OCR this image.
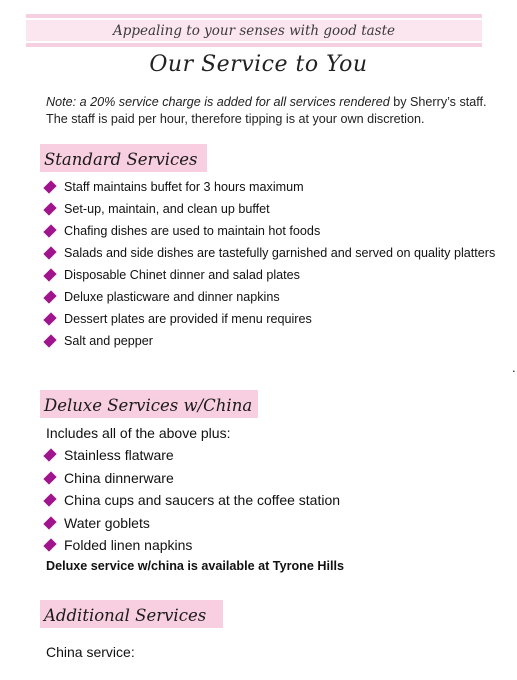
Appealing to your senses with good taste
Our Service to You
Note: a 20% service charge is added for all services rendered by Sherry’s staff. The staff is paid per hour, therefore tipping is at your own discretion.
Standard Services
Staff maintains buffet for 3 hours maximum
Set-up, maintain, and clean up buffet
Chafing dishes are used to maintain hot foods
Salads and side dishes are tastefully garnished and served on quality platters
Disposable Chinet dinner and salad plates
Deluxe plasticware and dinner napkins
Dessert plates are provided if menu requires
Salt and pepper
.
Deluxe Services w/China
Includes all of the above plus:
Stainless flatware
China dinnerware
China cups and saucers at the coffee station
Water goblets
Folded linen napkins
Deluxe service w/china is available at Tyrone Hills
Additional Services
China service:
